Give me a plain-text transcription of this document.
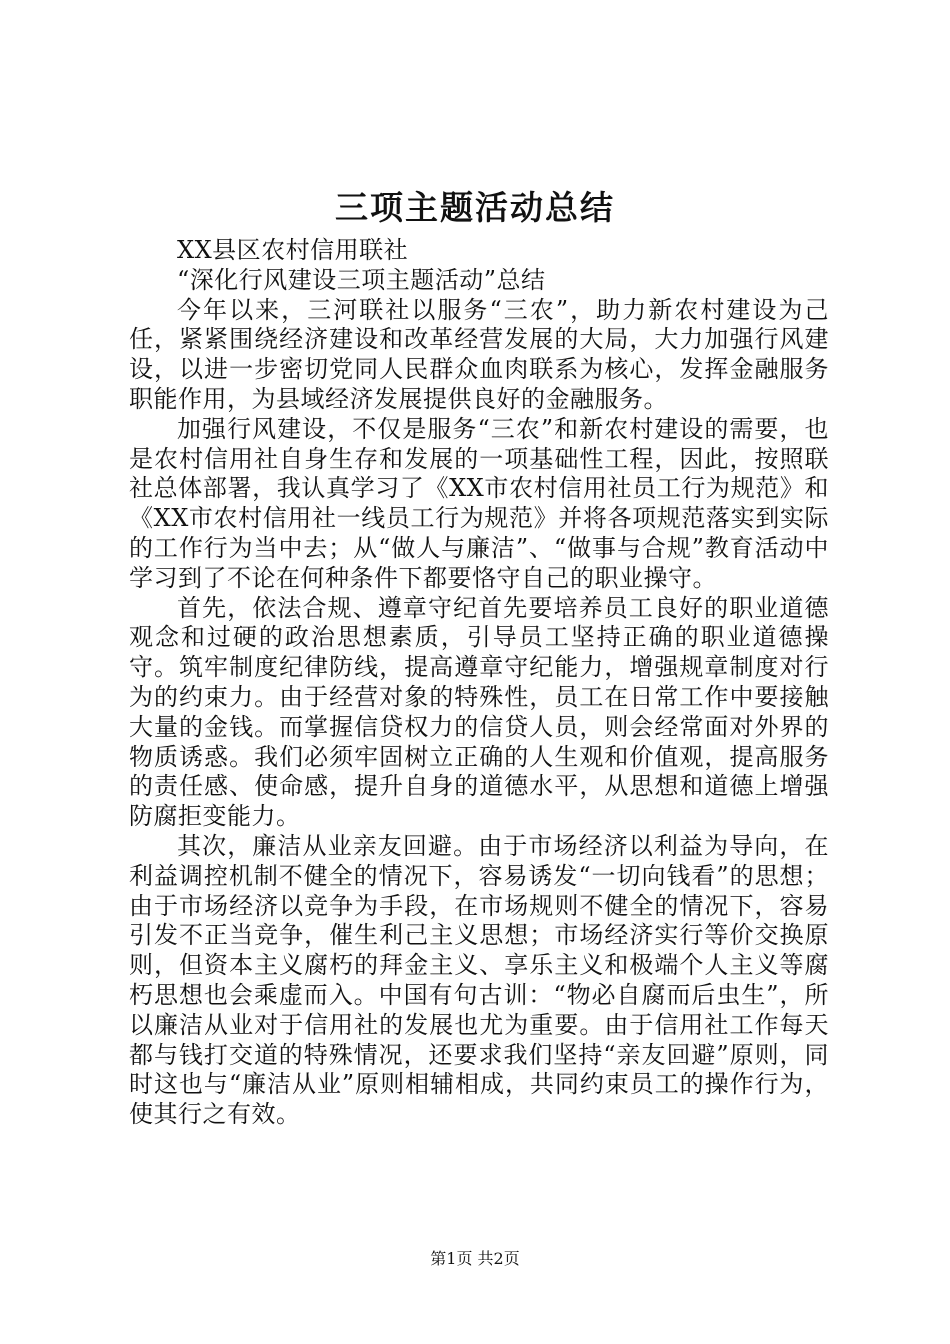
三项主题活动总结

XX县区农村信用联社

“深化行风建设三项主题活动”总结

今年以来，三河联社以服务“三农”，助力新农村建设为己任，紧紧围绕经济建设和改革经营发展的大局，大力加强行风建设，以进一步密切党同人民群众血肉联系为核心，发挥金融服务职能作用，为县域经济发展提供良好的金融服务。

加强行风建设，不仅是服务“三农”和新农村建设的需要，也是农村信用社自身生存和发展的一项基础性工程，因此，按照联社总体部署，我认真学习了《XX市农村信用社员工行为规范》和《XX市农村信用社一线员工行为规范》并将各项规范落实到实际的工作行为当中去；从“做人与廉洁”、“做事与合规”教育活动中学习到了不论在何种条件下都要恪守自己的职业操守。

首先，依法合规、遵章守纪首先要培养员工良好的职业道德观念和过硬的政治思想素质，引导员工坚持正确的职业道德操守。筑牢制度纪律防线，提高遵章守纪能力，增强规章制度对行为的约束力。由于经营对象的特殊性，员工在日常工作中要接触大量的金钱。而掌握信贷权力的信贷人员，则会经常面对外界的物质诱惑。我们必须牢固树立正确的人生观和价值观，提高服务的责任感、使命感，提升自身的道德水平，从思想和道德上增强防腐拒变能力。

其次，廉洁从业亲友回避。由于市场经济以利益为导向，在利益调控机制不健全的情况下，容易诱发“一切向钱看”的思想；由于市场经济以竞争为手段，在市场规则不健全的情况下，容易引发不正当竞争，催生利己主义思想；市场经济实行等价交换原则，但资本主义腐朽的拜金主义、享乐主义和极端个人主义等腐朽思想也会乘虚而入。中国有句古训：“物必自腐而后虫生”，所以廉洁从业对于信用社的发展也尤为重要。由于信用社工作每天都与钱打交道的特殊情况，还要求我们坚持“亲友回避”原则，同时这也与“廉洁从业”原则相辅相成，共同约束员工的操作行为，使其行之有效。

第1页 共2页
